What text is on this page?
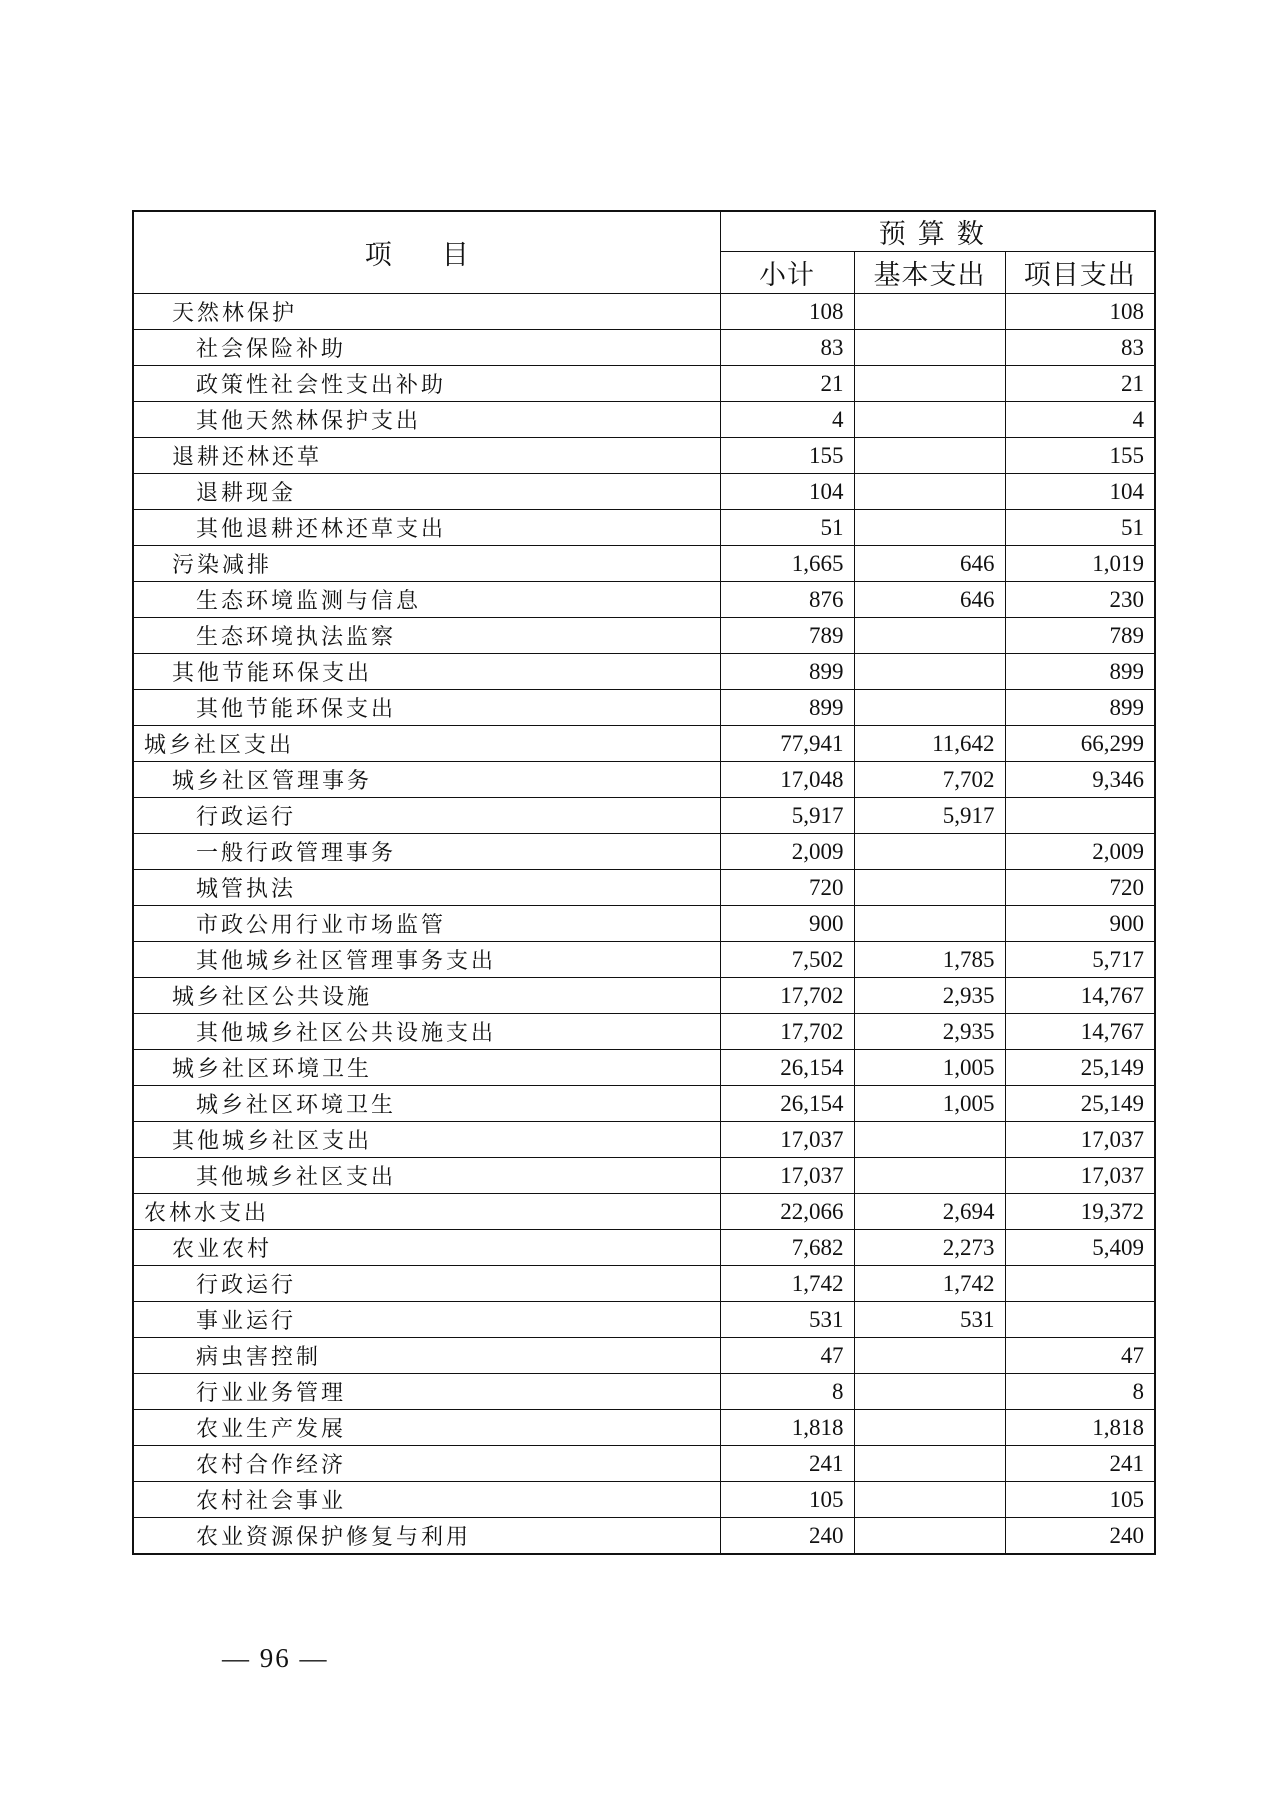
项目	预算数		
	小计	基本支出	项目支出
天然林保护	108		108
社会保险补助	83		83
政策性社会性支出补助	21		21
其他天然林保护支出	4		4
退耕还林还草	155		155
退耕现金	104		104
其他退耕还林还草支出	51		51
污染减排	1,665	646	1,019
生态环境监测与信息	876	646	230
生态环境执法监察	789		789
其他节能环保支出	899		899
其他节能环保支出	899		899
城乡社区支出	77,941	11,642	66,299
城乡社区管理事务	17,048	7,702	9,346
行政运行	5,917	5,917	
一般行政管理事务	2,009		2,009
城管执法	720		720
市政公用行业市场监管	900		900
其他城乡社区管理事务支出	7,502	1,785	5,717
城乡社区公共设施	17,702	2,935	14,767
其他城乡社区公共设施支出	17,702	2,935	14,767
城乡社区环境卫生	26,154	1,005	25,149
城乡社区环境卫生	26,154	1,005	25,149
其他城乡社区支出	17,037		17,037
其他城乡社区支出	17,037		17,037
农林水支出	22,066	2,694	19,372
农业农村	7,682	2,273	5,409
行政运行	1,742	1,742	
事业运行	531	531	
病虫害控制	47		47
行业业务管理	8		8
农业生产发展	1,818		1,818
农村合作经济	241		241
农村社会事业	105		105
农业资源保护修复与利用	240		240
— 96 —
